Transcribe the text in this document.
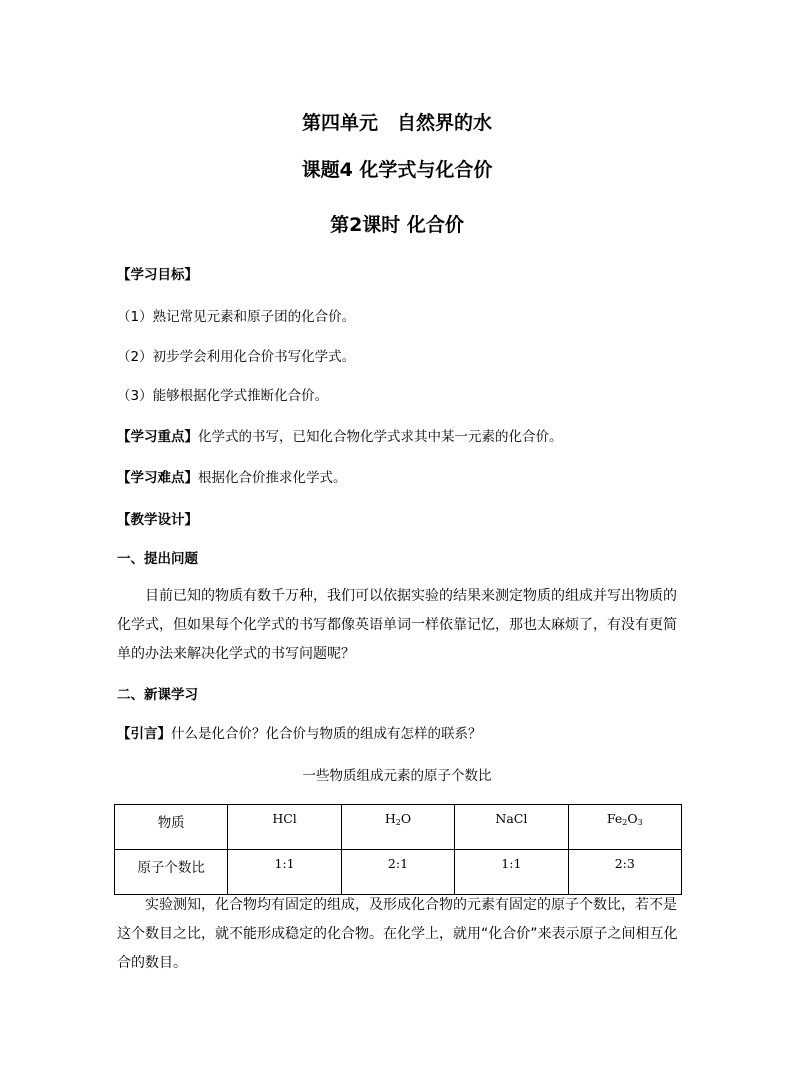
第四单元　自然界的水
课题4 化学式与化合价
第2课时 化合价
【学习目标】
（1）熟记常见元素和原子团的化合价。
（2）初步学会利用化合价书写化学式。
（3）能够根据化学式推断化合价。
【学习重点】化学式的书写，已知化合物化学式求其中某一元素的化合价。
【学习难点】根据化合价推求化学式。
【教学设计】
一、提出问题
目前已知的物质有数千万种，我们可以依据实验的结果来测定物质的组成并写出物质的化学式，但如果每个化学式的书写都像英语单词一样依靠记忆，那也太麻烦了，有没有更简单的办法来解决化学式的书写问题呢？
二、新课学习
【引言】什么是化合价？化合价与物质的组成有怎样的联系？
一些物质组成元素的原子个数比
物质	HCl	$H_2O$	NaCl	$Fe_2O_3$
原子个数比	1:1	2:1	1:1	2:3
实验测知，化合物均有固定的组成，及形成化合物的元素有固定的原子个数比，若不是这个数目之比，就不能形成稳定的化合物。在化学上，就用“化合价”来表示原子之间相互化合的数目。
